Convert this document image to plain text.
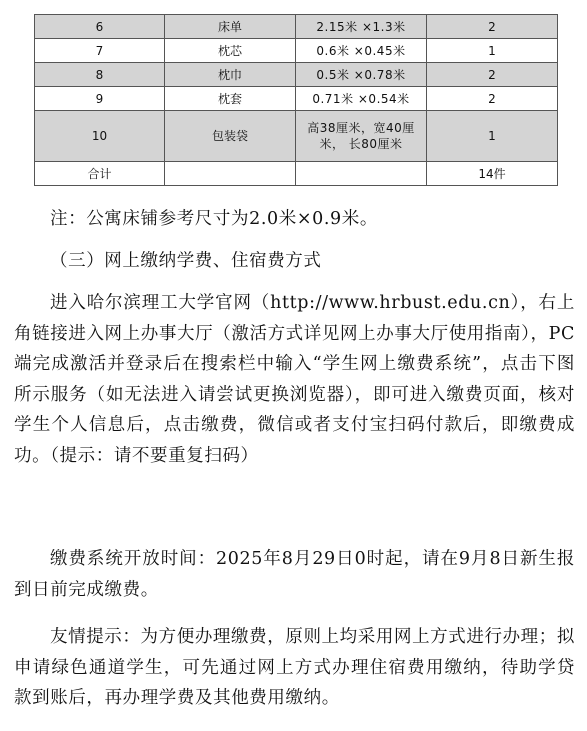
6	床单	2.15米 ×1.3米	2
7	枕芯	0.6米 ×0.45米	1
8	枕巾	0.5米 ×0.78米	2
9	枕套	0.71米 ×0.54米	2
10	包装袋	高38厘米，宽40厘米， 长80厘米	1
合计			14件

注：公寓床铺参考尺寸为2.0米×0.9米。

（三）网上缴纳学费、住宿费方式

进入哈尔滨理工大学官网（http://www.hrbust.edu.cn），右上角链接进入网上办事大厅（激活方式详见网上办事大厅使用指南），PC端完成激活并登录后在搜索栏中输入“学生网上缴费系统”，点击下图所示服务（如无法进入请尝试更换浏览器），即可进入缴费页面，核对学生个人信息后，点击缴费，微信或者支付宝扫码付款后，即缴费成功。（提示：请不要重复扫码）

缴费系统开放时间：2025年8月29日0时起，请在9月8日新生报到日前完成缴费。

友情提示：为方便办理缴费，原则上均采用网上方式进行办理；拟申请绿色通道学生，可先通过网上方式办理住宿费用缴纳，待助学贷款到账后，再办理学费及其他费用缴纳。
